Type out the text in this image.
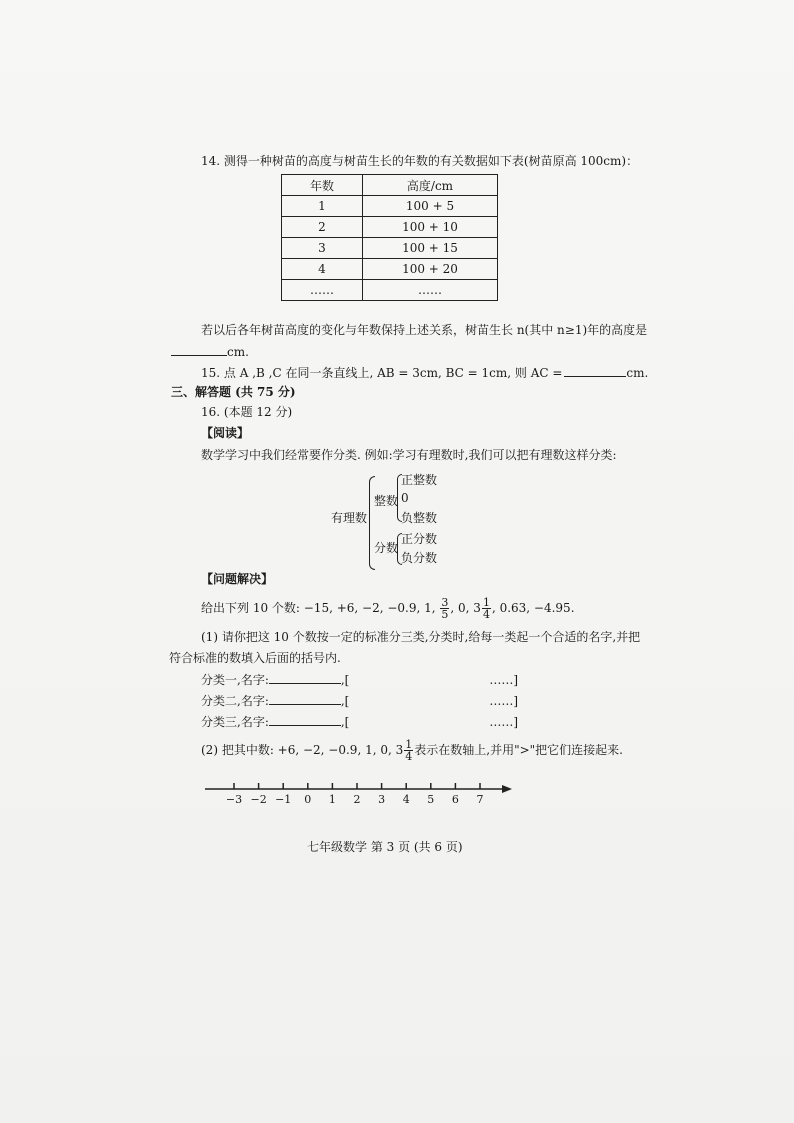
14. 测得一种树苗的高度与树苗生长的年数的有关数据如下表(树苗原高 100cm)：
年数	高度/cm
1	100 + 5
2	100 + 10
3	100 + 15
4	100 + 20
……	……
若以后各年树苗高度的变化与年数保持上述关系，树苗生长 n(其中 n≥1)年的高度是
cm.
15. 点 A ,B ,C 在同一条直线上, AB = 3cm, BC = 1cm, 则 AC =	cm.
三、解答题 (共 75 分)
16. (本题 12 分)
【阅读】
数学学习中我们经常要作分类. 例如:学习有理数时,我们可以把有理数这样分类:
有理数
整数
分数
正整数
0
负整数
正分数
负分数
【问题解决】
给出下列 10 个数: −15, +6, −2, −0.9, 1, $\frac{3}{5}$ , 0, $3 \frac{1}{4}$ , 0.63, −4.95.
(1) 请你把这 10 个数按一定的标准分三类,分类时,给每一类起一个合适的名字,并把
符合标准的数填入后面的括号内.
分类一,名字:	,[	……]
分类二,名字:	,[	……]
分类三,名字:	,[	……]
(2) 把其中数: +6, −2, −0.9, 1, 0, $3 \frac{1}{4}$ 表示在数轴上,并用">"把它们连接起来.
−3 −2 −1	0	1	2	3	4	5	6	7
七年级数学 第 3 页 (共 6 页)
